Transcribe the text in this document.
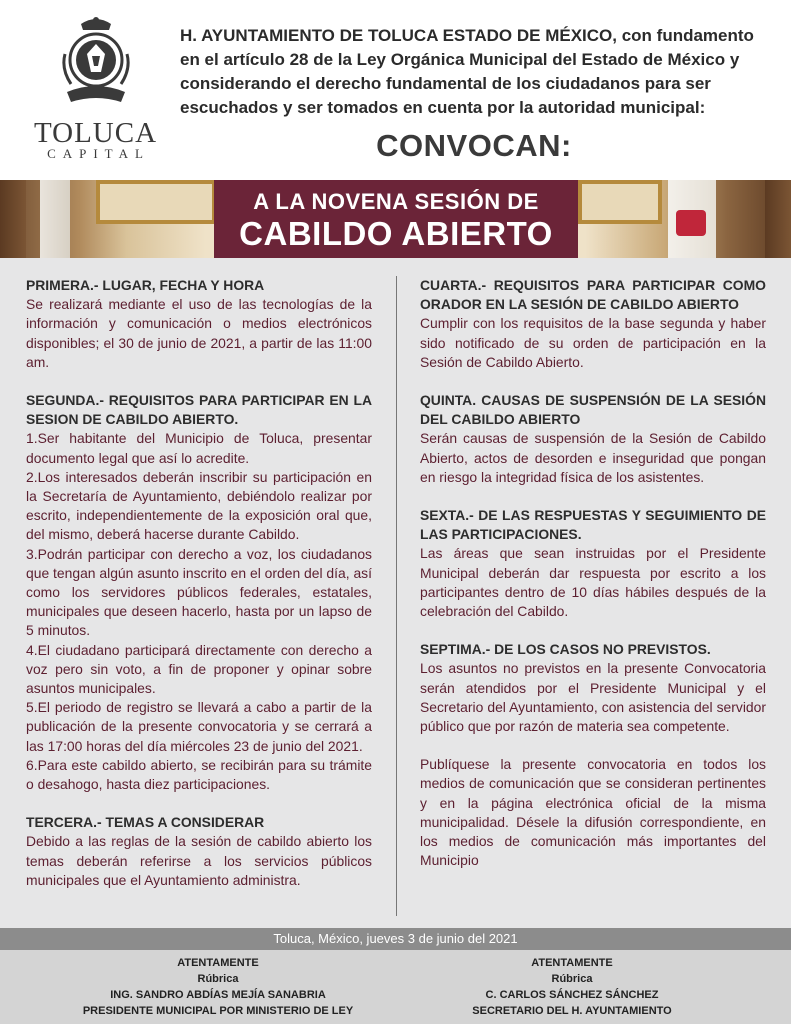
TOLUCA
CAPITAL
H. AYUNTAMIENTO DE TOLUCA ESTADO DE MÉXICO, con fundamento en el artículo 28 de la Ley Orgánica Municipal del Estado de México y considerando el derecho fundamental de los ciudadanos para ser escuchados y ser tomados en cuenta por la autoridad municipal:
CONVOCAN:
A LA NOVENA SESIÓN DE
CABILDO ABIERTO
PRIMERA.- LUGAR, FECHA Y HORA
Se realizará mediante el uso de las tecnologías de la información y comunicación o medios electrónicos disponibles; el 30 de junio de 2021, a partir de las 11:00 am.
SEGUNDA.- REQUISITOS PARA PARTICIPAR EN LA SESION DE CABILDO ABIERTO.

1.Ser habitante del Municipio de Toluca, presentar documento legal que así lo acredite.

2.Los interesados deberán inscribir su participación en la Secretaría de Ayuntamiento, debiéndolo realizar por escrito, independientemente de la exposición oral que, del mismo, deberá hacerse durante Cabildo.

3.Podrán participar con derecho a voz, los ciudadanos que tengan algún asunto inscrito en el orden del día, así como los servidores públicos federales, estatales, municipales que deseen hacerlo, hasta por un lapso de 5 minutos.

4.El ciudadano participará directamente con derecho a voz pero sin voto, a fin de proponer y opinar sobre asuntos municipales.

5.El periodo de registro se llevará a cabo a partir de la publicación de la presente convocatoria y se cerrará a las 17:00 horas del día miércoles 23 de junio del 2021.

6.Para este cabildo abierto, se recibirán para su trámite o desahogo, hasta diez participaciones.

TERCERA.- TEMAS A CONSIDERAR
Debido a las reglas de la sesión de cabildo abierto los temas deberán referirse a los servicios públicos municipales que el Ayuntamiento administra.
CUARTA.- REQUISITOS PARA PARTICIPAR COMO ORADOR EN LA SESIÓN DE CABILDO ABIERTO
Cumplir con los requisitos de la base segunda y haber sido notificado de su orden de participación en la Sesión de Cabildo Abierto.
QUINTA. CAUSAS DE SUSPENSIÓN DE LA SESIÓN DEL CABILDO ABIERTO
Serán causas de suspensión de la Sesión de Cabildo Abierto, actos de desorden e inseguridad que pongan en riesgo la integridad física de los asistentes.
SEXTA.- DE LAS RESPUESTAS Y SEGUIMIENTO DE LAS PARTICIPACIONES.
Las áreas que sean instruidas por el Presidente Municipal deberán dar respuesta por escrito a los participantes dentro de 10 días hábiles después de la celebración del Cabildo.
SEPTIMA.- DE LOS CASOS NO PREVISTOS.
Los asuntos no previstos en la presente Convocatoria serán atendidos por el Presidente Municipal y el Secretario del Ayuntamiento, con asistencia del servidor público que por razón de materia sea competente.
Publíquese la presente convocatoria en todos los medios de comunicación que se consideran pertinentes y en la página electrónica oficial de la misma municipalidad. Désele la difusión correspondiente, en los medios de comunicación más importantes del Municipio
Toluca, México, jueves 3 de junio del 2021
ATENTAMENTE
Rúbrica
ING. SANDRO ABDÍAS MEJÍA SANABRIA
PRESIDENTE MUNICIPAL POR MINISTERIO DE LEY
ATENTAMENTE
Rúbrica
C. CARLOS SÁNCHEZ SÁNCHEZ
SECRETARIO DEL H. AYUNTAMIENTO
